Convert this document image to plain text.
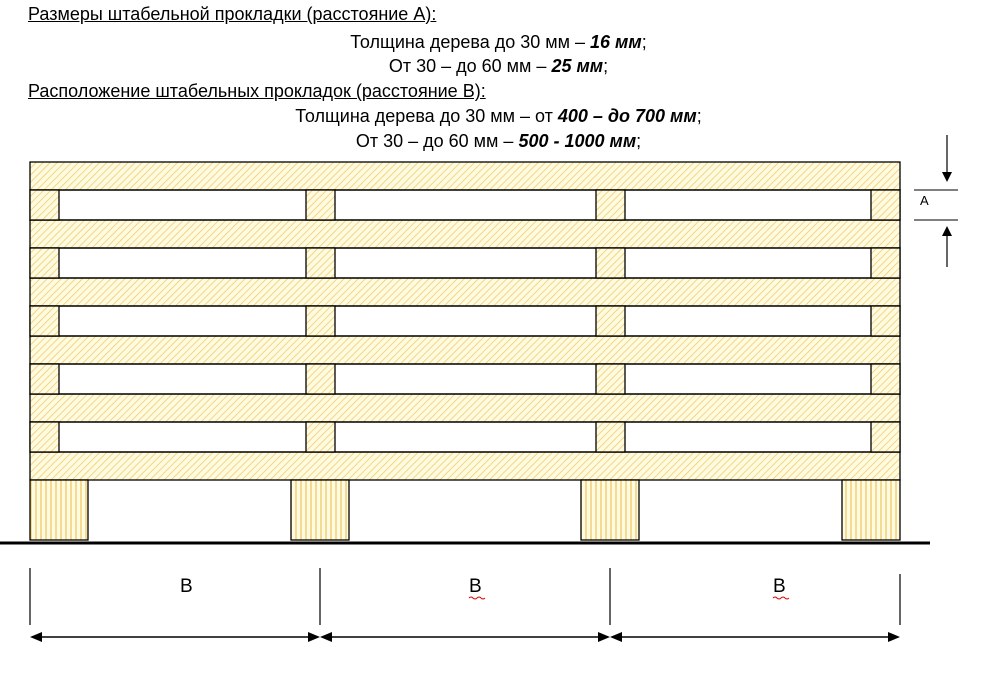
Размеры штабельной прокладки (расстояние А):
Толщина дерева до 30 мм – 16 мм;
От 30 – до 60 мм – 25 мм;
Расположение штабельных прокладок (расстояние В):
Толщина дерева до 30 мм – от 400 – до 700 мм;
От 30 – до 60 мм – 500 - 1000 мм;
А
В	В	В
